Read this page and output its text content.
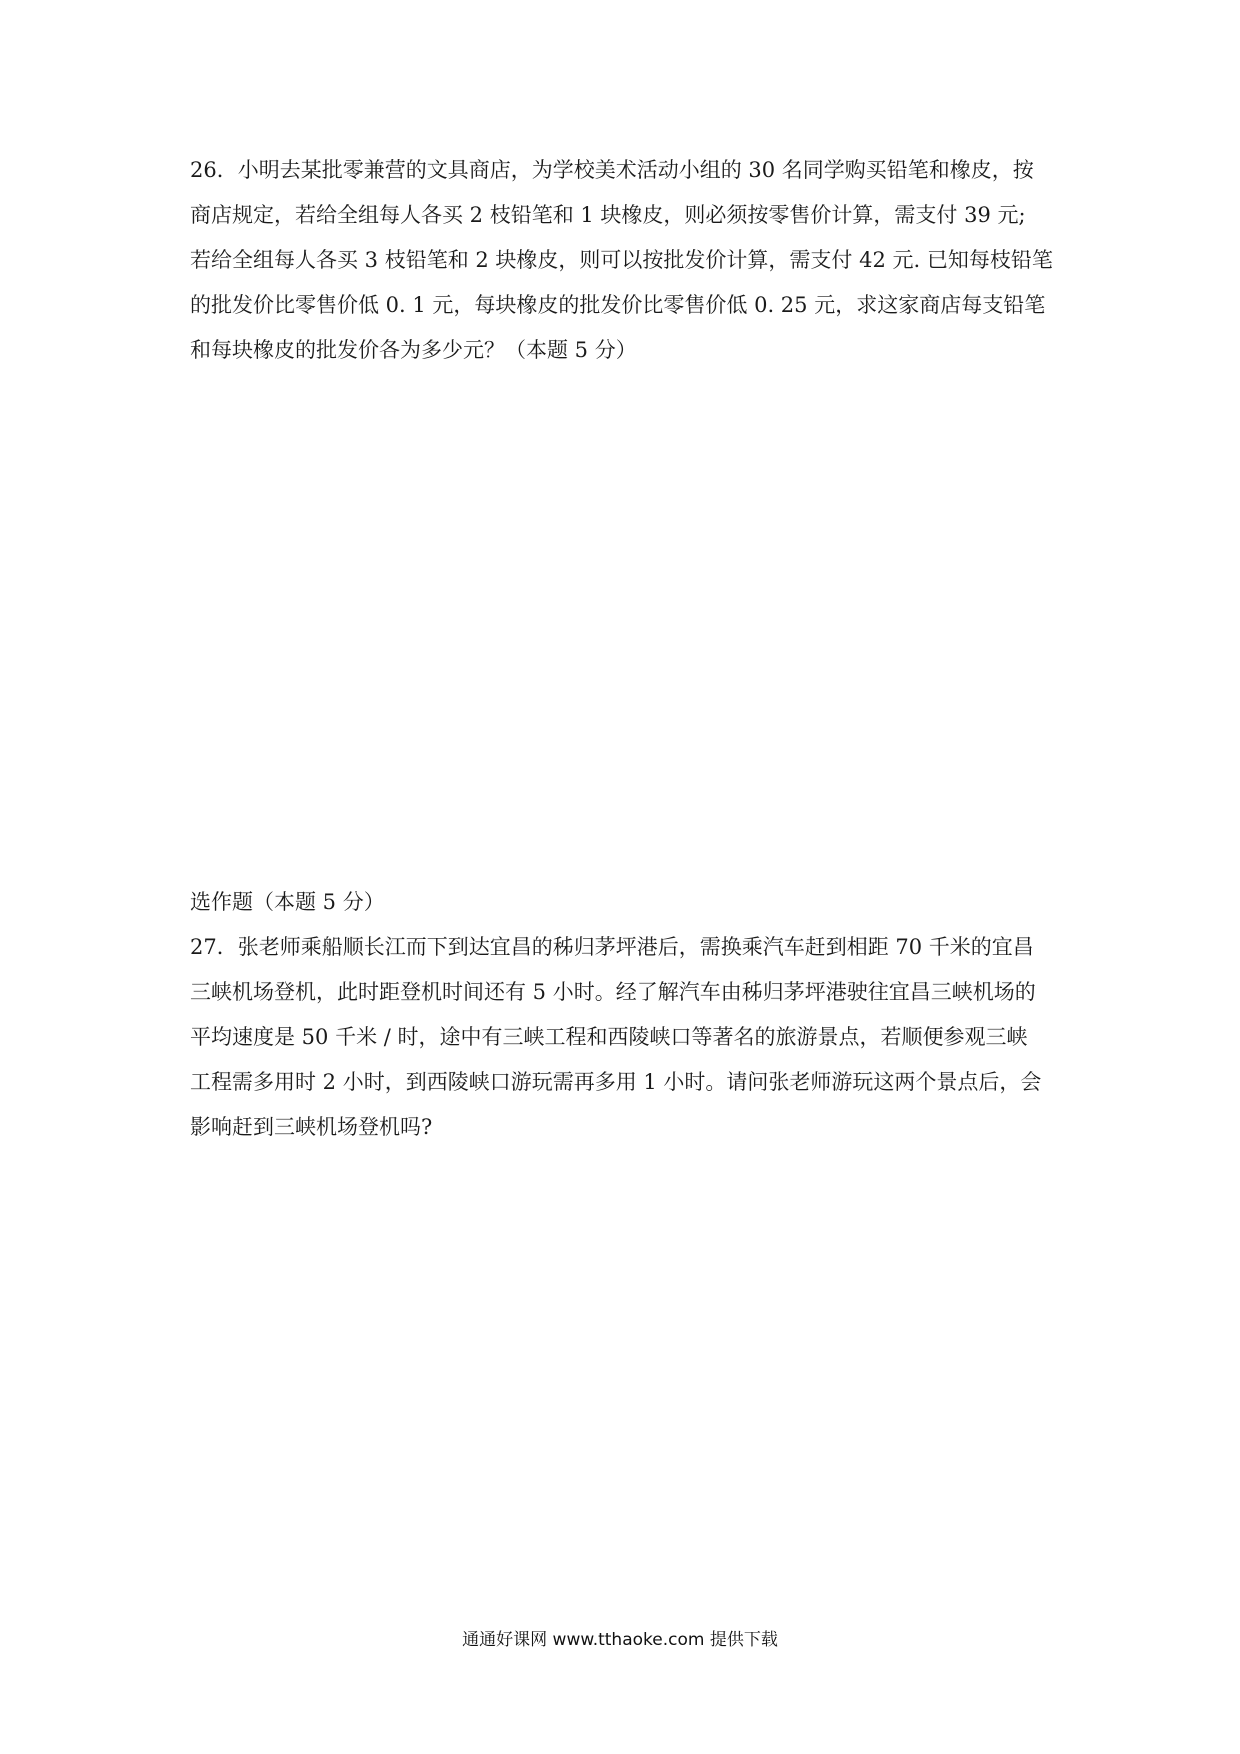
26．小明去某批零兼营的文具商店，为学校美术活动小组的 30 名同学购买铅笔和橡皮，按
商店规定，若给全组每人各买 2 枝铅笔和 1 块橡皮，则必须按零售价计算，需支付 39 元;
若给全组每人各买 3 枝铅笔和 2 块橡皮，则可以按批发价计算，需支付 42 元. 已知每枝铅笔
的批发价比零售价低 0. 1 元，每块橡皮的批发价比零售价低 0. 25 元，求这家商店每支铅笔
和每块橡皮的批发价各为多少元？（本题 5 分）
选作题（本题 5 分）
27．张老师乘船顺长江而下到达宜昌的秭归茅坪港后，需换乘汽车赶到相距 70 千米的宜昌
三峡机场登机，此时距登机时间还有 5 小时。经了解汽车由秭归茅坪港驶往宜昌三峡机场的
平均速度是 50 千米 / 时，途中有三峡工程和西陵峡口等著名的旅游景点，若顺便参观三峡
工程需多用时 2 小时，到西陵峡口游玩需再多用 1 小时。请问张老师游玩这两个景点后，会
影响赶到三峡机场登机吗?
通通好课网 www.tthaoke.com 提供下载
